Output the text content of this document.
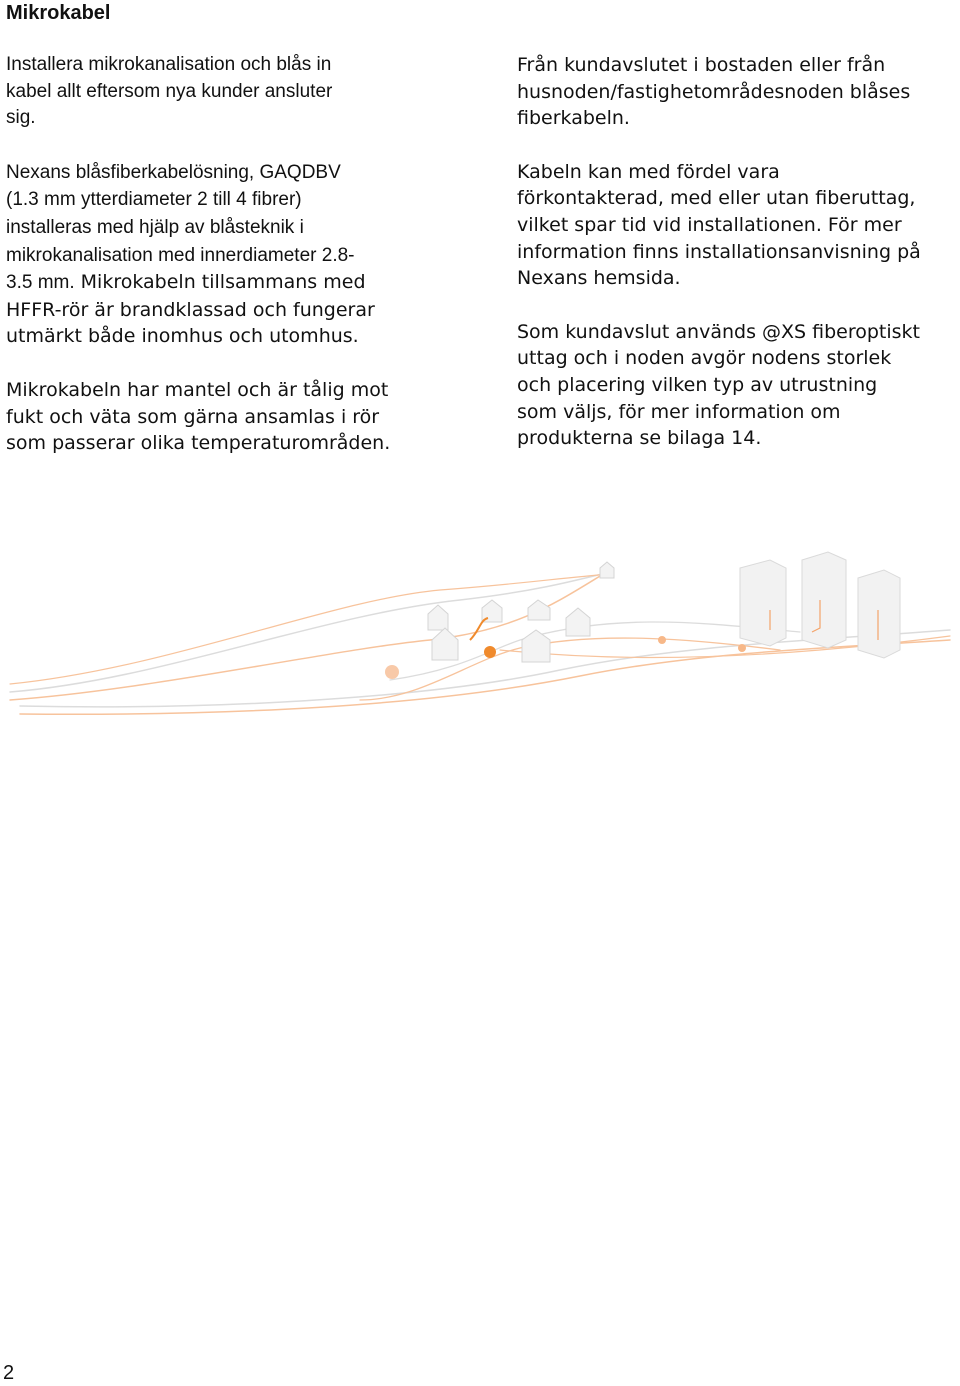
Mikrokabel

Installera mikrokanalisation och blås in
kabel allt eftersom nya kunder ansluter
sig.

Nexans blåsfiberkabelösning, GAQDBV
(1.3 mm ytterdiameter 2 till 4 fibrer)
installeras med hjälp av blåsteknik i
mikrokanalisation med innerdiameter 2.8-
3.5 mm. Mikrokabeln tillsammans med
HFFR-rör är brandklassad och fungerar
utmärkt både inomhus och utomhus.

Mikrokabeln har mantel och är tålig mot
fukt och väta som gärna ansamlas i rör
som passerar olika temperaturområden.

Från kundavslutet i bostaden eller från
husnoden/fastighetområdesnoden blåses
fiberkabeln.

Kabeln kan med fördel vara
förkontakterad, med eller utan fiberuttag,
vilket spar tid vid installationen. För mer
information finns installationsanvisning på
Nexans hemsida.

Som kundavslut används @XS fiberoptiskt
uttag och i noden avgör nodens storlek
och placering vilken typ av utrustning
som väljs, för mer information om
produkterna se bilaga 14.

2
